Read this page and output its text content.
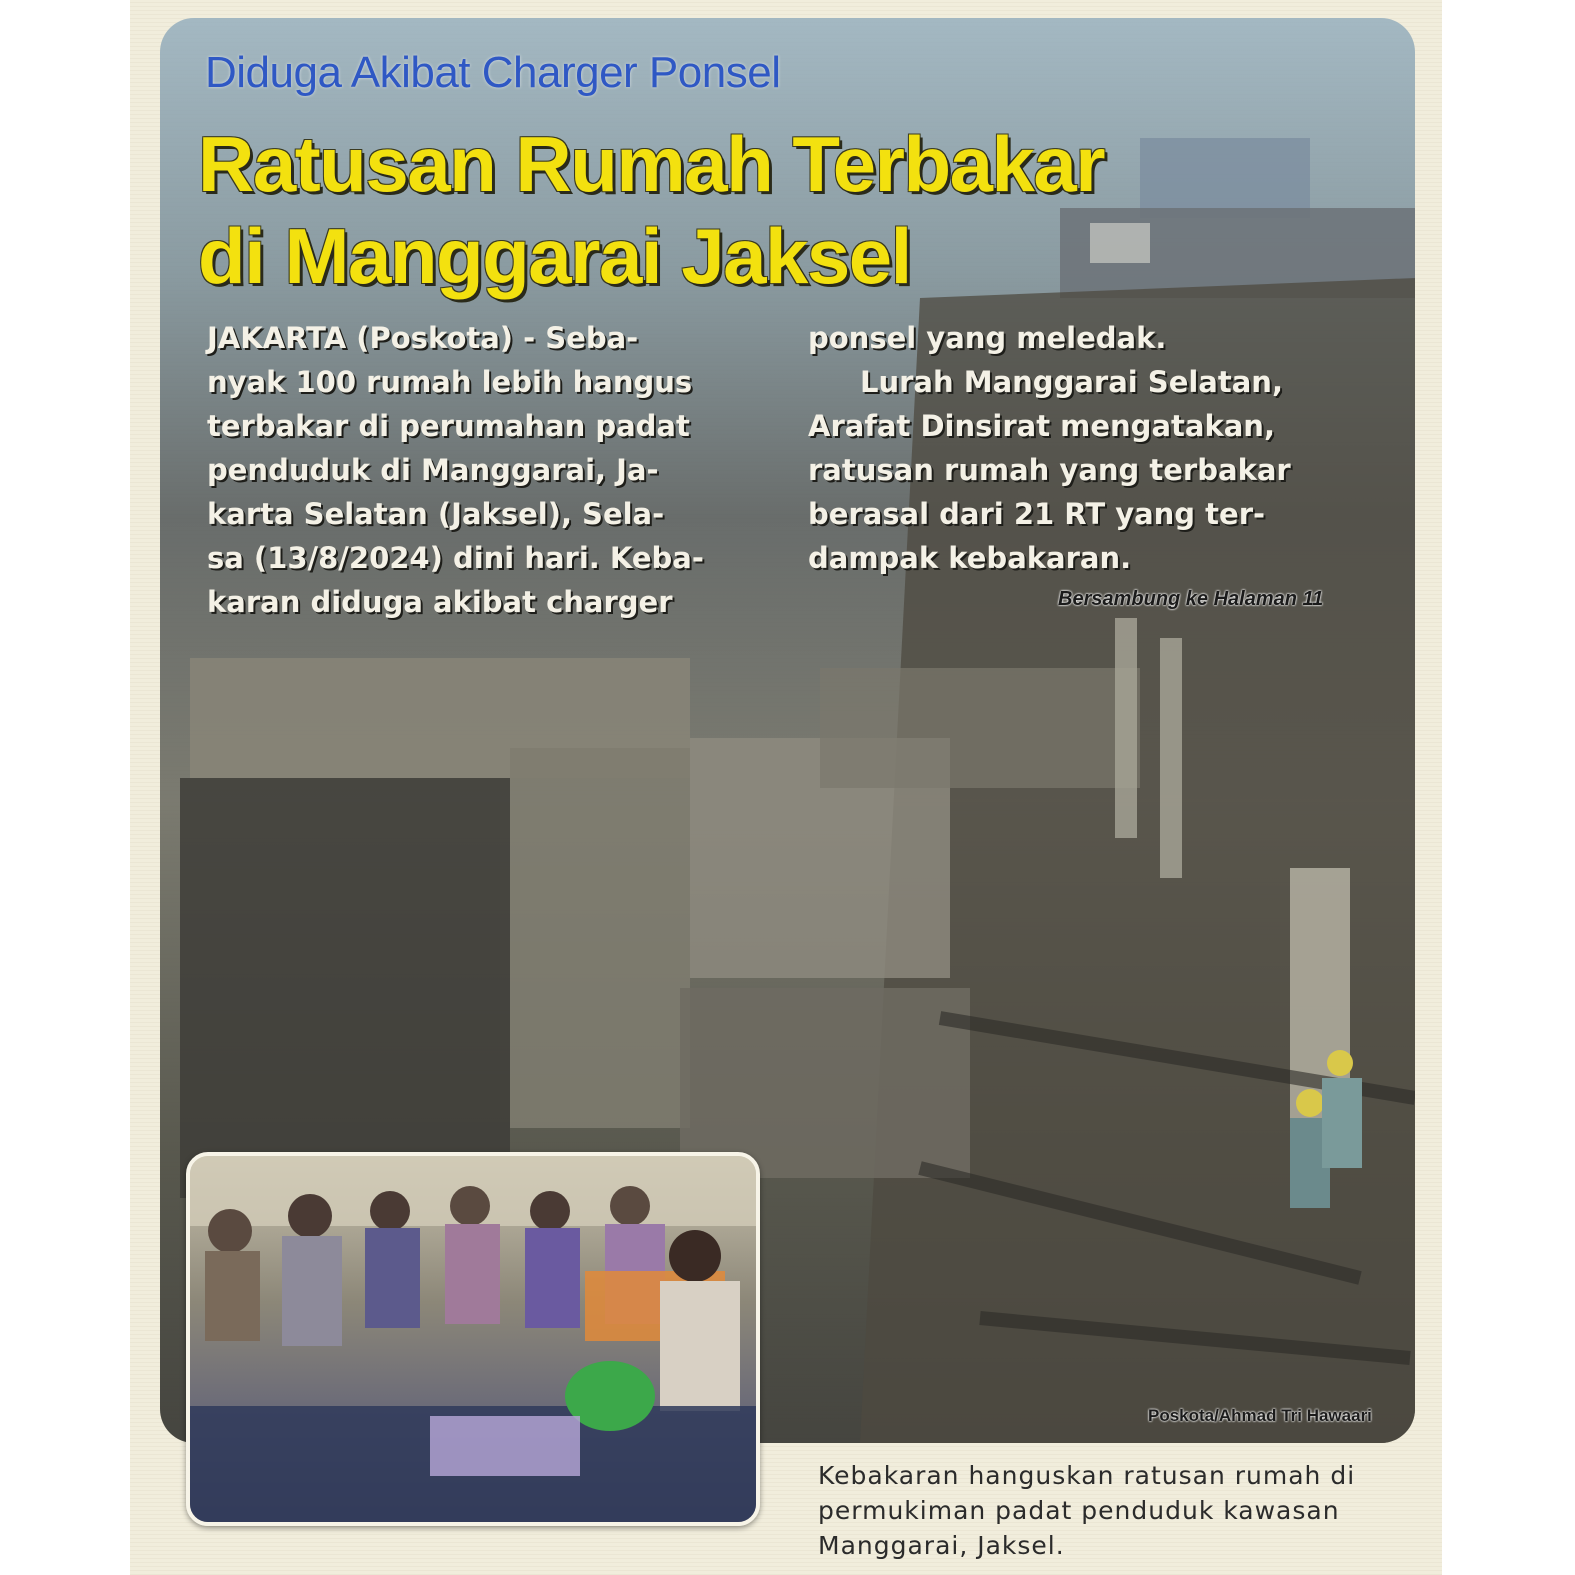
Diduga Akibat Charger Ponsel
Ratusan Rumah Terbakar
di Manggarai Jaksel
JAKARTA (Poskota) - Seba-
nyak 100 rumah lebih hangus
terbakar di perumahan padat
penduduk di Manggarai, Ja-
karta Selatan (Jaksel), Sela-
sa (13/8/2024) dini hari. Keba-
karan diduga akibat charger
ponsel yang meledak.
Lurah Manggarai Selatan,
Arafat Dinsirat mengatakan,
ratusan rumah yang terbakar
berasal dari 21 RT yang ter-
dampak kebakaran.
Bersambung ke Halaman 11
Poskota/Ahmad Tri Hawaari
Kebakaran hanguskan ratusan rumah di
permukiman padat penduduk kawasan
Manggarai, Jaksel.
